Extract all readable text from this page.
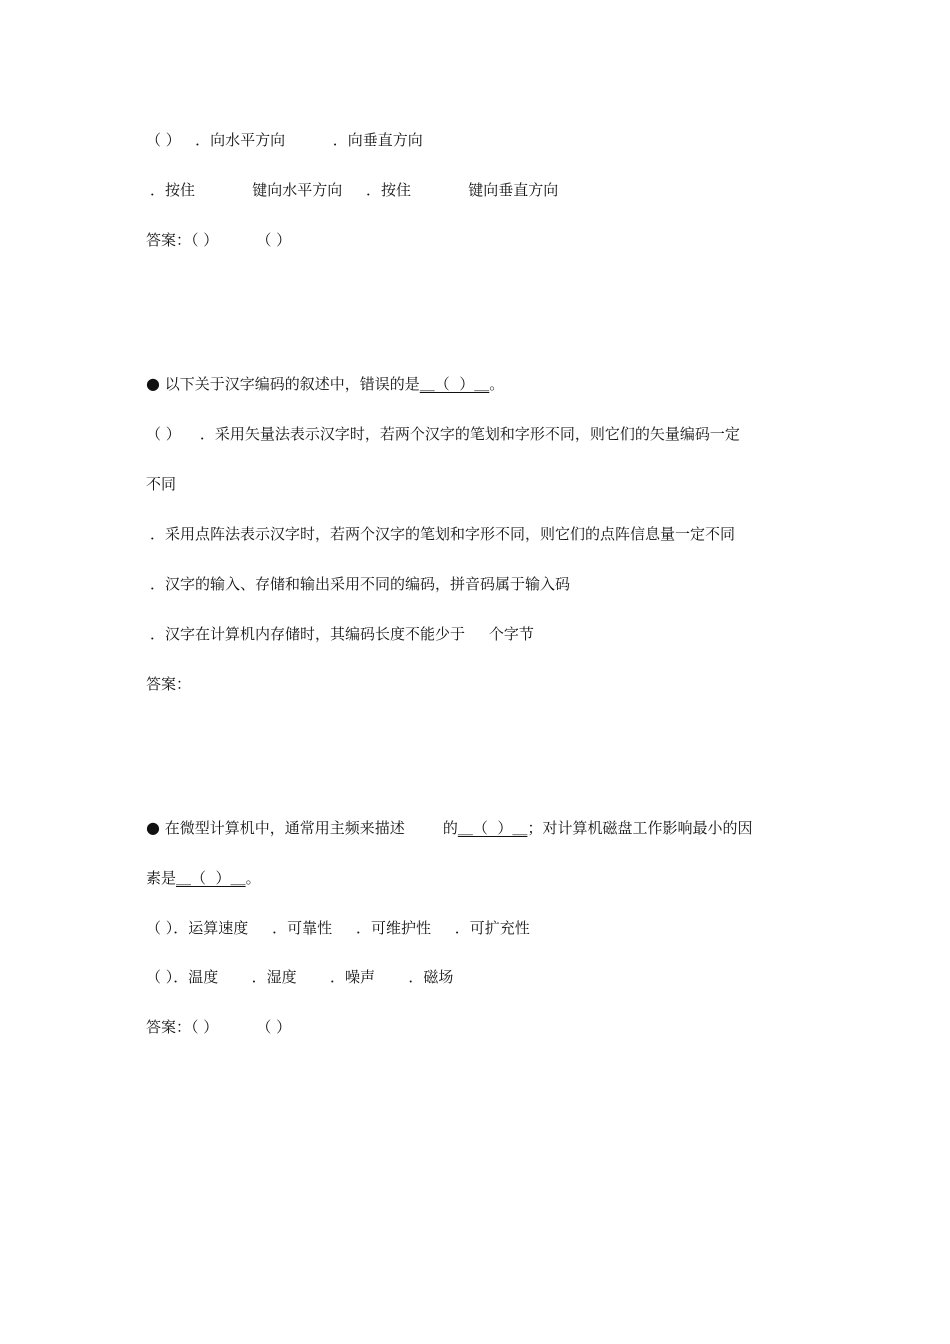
（ ）   ．向水平方向          ．向垂直方向
．按住            键向水平方向     ．按住            键向垂直方向
答案：（ ）        （ ）
● 以下关于汉字编码的叙述中，错误的是＿（  ）＿。
（ ）    ．采用矢量法表示汉字时，若两个汉字的笔划和字形不同，则它们的矢量编码一定
不同
．采用点阵法表示汉字时，若两个汉字的笔划和字形不同，则它们的点阵信息量一定不同
．汉字的输入、存储和输出采用不同的编码，拼音码属于输入码
．汉字在计算机内存储时，其编码长度不能少于     个字节
答案：
● 在微型计算机中，通常用主频来描述        的＿（  ）＿；对计算机磁盘工作影响最小的因
素是＿（  ）＿。
（ ）．运算速度     ．可靠性     ．可维护性     ．可扩充性
（ ）．温度       ．湿度       ．噪声       ．磁场
答案：（ ）        （ ）
